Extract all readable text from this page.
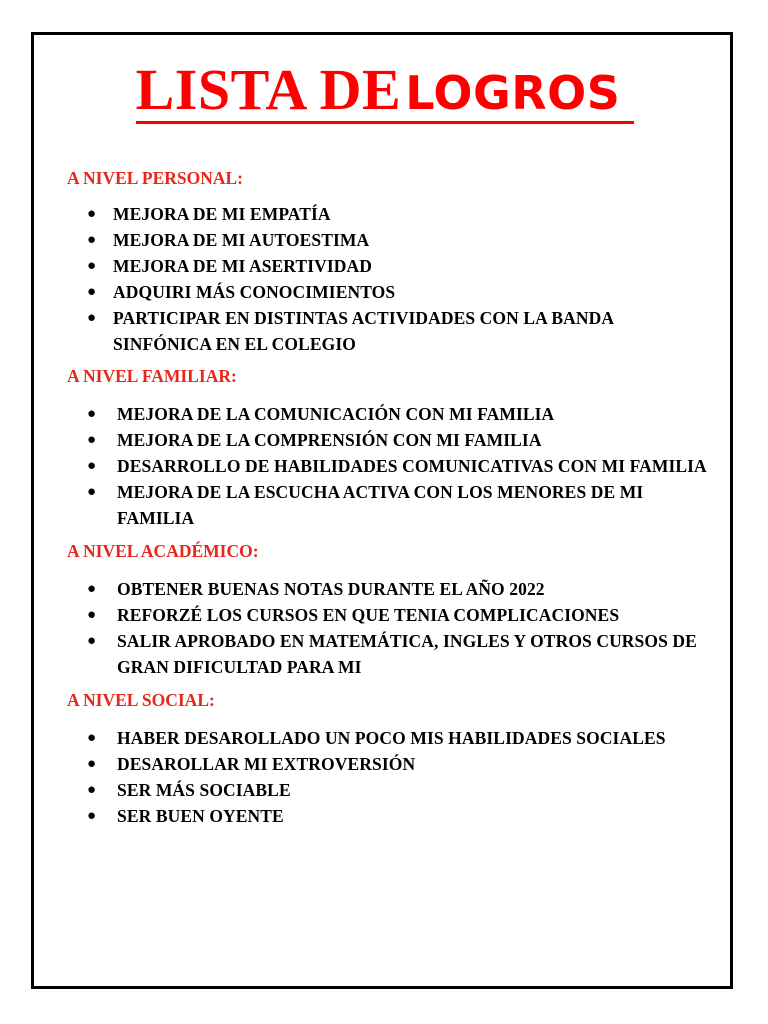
LISTA DE LOGROS

A NIVEL PERSONAL:

● MEJORA DE MI EMPATÍA
● MEJORA DE MI AUTOESTIMA
● MEJORA DE MI ASERTIVIDAD
● ADQUIRI MÁS CONOCIMIENTOS
● PARTICIPAR EN DISTINTAS ACTIVIDADES CON LA BANDA SINFÓNICA EN EL COLEGIO

A NIVEL FAMILIAR:

● MEJORA DE LA COMUNICACIÓN CON MI FAMILIA
● MEJORA DE LA COMPRENSIÓN CON MI FAMILIA
● DESARROLLO DE HABILIDADES COMUNICATIVAS CON MI FAMILIA
● MEJORA DE LA ESCUCHA ACTIVA CON LOS MENORES DE MI FAMILIA

A NIVEL ACADÉMICO:

● OBTENER BUENAS NOTAS DURANTE EL AÑO 2022
● REFORZÉ LOS CURSOS EN QUE TENIA COMPLICACIONES
● SALIR APROBADO EN MATEMÁTICA, INGLES Y OTROS CURSOS DE GRAN DIFICULTAD PARA MI

A NIVEL SOCIAL:

● HABER DESAROLLADO UN POCO MIS HABILIDADES SOCIALES
● DESAROLLAR MI EXTROVERSIÓN
● SER MÁS SOCIABLE
● SER BUEN OYENTE
